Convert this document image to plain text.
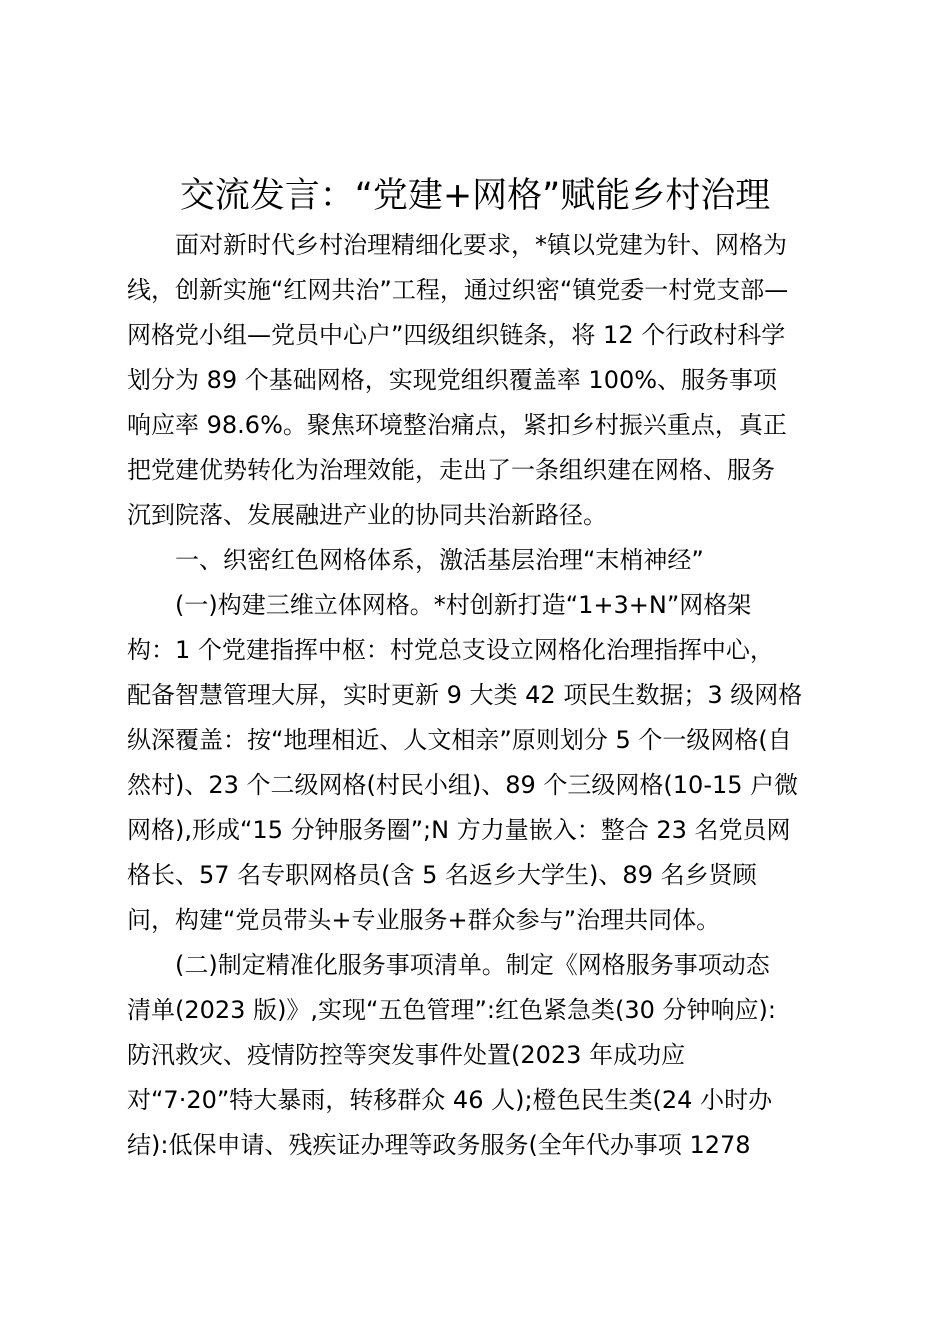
交流发言：“党建+网格”赋能乡村治理
面对新时代乡村治理精细化要求，*镇以党建为针、网格为
线，创新实施“红网共治”工程，通过织密“镇党委一村党支部—
网格党小组—党员中心户”四级组织链条，将 12 个行政村科学
划分为 89 个基础网格，实现党组织覆盖率 100%、服务事项
响应率 98.6%。聚焦环境整治痛点，紧扣乡村振兴重点，真正
把党建优势转化为治理效能，走出了一条组织建在网格、服务
沉到院落、发展融进产业的协同共治新路径。
一、织密红色网格体系，激活基层治理“末梢神经”
(一)构建三维立体网格。*村创新打造“1+3+N”网格架
构：1 个党建指挥中枢：村党总支设立网格化治理指挥中心，
配备智慧管理大屏，实时更新 9 大类 42 项民生数据；3 级网格
纵深覆盖：按“地理相近、人文相亲”原则划分 5 个一级网格(自
然村)、23 个二级网格(村民小组)、89 个三级网格(10-15 户微
网格),形成“15 分钟服务圈”;N 方力量嵌入：整合 23 名党员网
格长、57 名专职网格员(含 5 名返乡大学生)、89 名乡贤顾
问，构建“党员带头+专业服务+群众参与”治理共同体。
(二)制定精准化服务事项清单。制定《网格服务事项动态
清单(2023 版)》,实现“五色管理”:红色紧急类(30 分钟响应):
防汛救灾、疫情防控等突发事件处置(2023 年成功应
对“7·20”特大暴雨，转移群众 46 人);橙色民生类(24 小时办
结):低保申请、残疾证办理等政务服务(全年代办事项 1278
